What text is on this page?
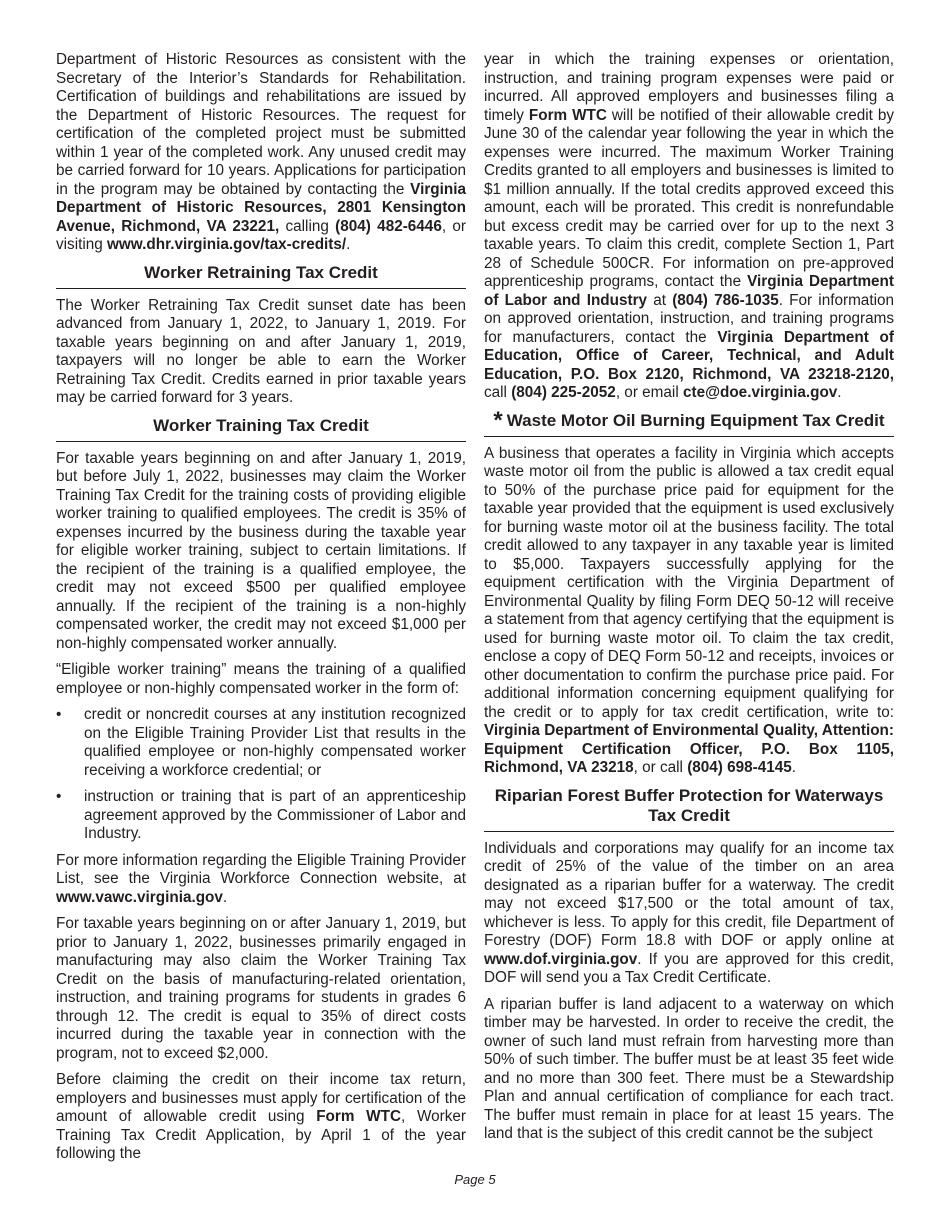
Department of Historic Resources as consistent with the Secretary of the Interior’s Standards for Rehabilitation. Certification of buildings and rehabilitations are issued by the Department of Historic Resources. The request for certification of the completed project must be submitted within 1 year of the completed work. Any unused credit may be carried forward for 10 years. Applications for participation in the program may be obtained by contacting the Virginia Department of Historic Resources, 2801 Kensington Avenue, Richmond, VA 23221, calling (804) 482-6446, or visiting www.dhr.virginia.gov/tax-credits/.

Worker Retraining Tax Credit

The Worker Retraining Tax Credit sunset date has been advanced from January 1, 2022, to January 1, 2019. For taxable years beginning on and after January 1, 2019, taxpayers will no longer be able to earn the Worker Retraining Tax Credit. Credits earned in prior taxable years may be carried forward for 3 years.

Worker Training Tax Credit

For taxable years beginning on and after January 1, 2019, but before July 1, 2022, businesses may claim the Worker Training Tax Credit for the training costs of providing eligible worker training to qualified employees. The credit is 35% of expenses incurred by the business during the taxable year for eligible worker training, subject to certain limitations. If the recipient of the training is a qualified employee, the credit may not exceed $500 per qualified employee annually. If the recipient of the training is a non-highly compensated worker, the credit may not exceed $1,000 per non-highly compensated worker annually.

“Eligible worker training” means the training of a qualified employee or non-highly compensated worker in the form of:

• credit or noncredit courses at any institution recognized on the Eligible Training Provider List that results in the qualified employee or non-highly compensated worker receiving a workforce credential; or
• instruction or training that is part of an apprenticeship agreement approved by the Commissioner of Labor and Industry.

For more information regarding the Eligible Training Provider List, see the Virginia Workforce Connection website, at www.vawc.virginia.gov.

For taxable years beginning on or after January 1, 2019, but prior to January 1, 2022, businesses primarily engaged in manufacturing may also claim the Worker Training Tax Credit on the basis of manufacturing-related orientation, instruction, and training programs for students in grades 6 through 12. The credit is equal to 35% of direct costs incurred during the taxable year in connection with the program, not to exceed $2,000.

Before claiming the credit on their income tax return, employers and businesses must apply for certification of the amount of allowable credit using Form WTC, Worker Training Tax Credit Application, by April 1 of the year following the

year in which the training expenses or orientation, instruction, and training program expenses were paid or incurred. All approved employers and businesses filing a timely Form WTC will be notified of their allowable credit by June 30 of the calendar year following the year in which the expenses were incurred. The maximum Worker Training Credits granted to all employers and businesses is limited to $1 million annually. If the total credits approved exceed this amount, each will be prorated. This credit is nonrefundable but excess credit may be carried over for up to the next 3 taxable years. To claim this credit, complete Section 1, Part 28 of Schedule 500CR. For information on pre-approved apprenticeship programs, contact the Virginia Department of Labor and Industry at (804) 786-1035. For information on approved orientation, instruction, and training programs for manufacturers, contact the Virginia Department of Education, Office of Career, Technical, and Adult Education, P.O. Box 2120, Richmond, VA 23218-2120, call (804) 225-2052, or email cte@doe.virginia.gov.

* Waste Motor Oil Burning Equipment Tax Credit

A business that operates a facility in Virginia which accepts waste motor oil from the public is allowed a tax credit equal to 50% of the purchase price paid for equipment for the taxable year provided that the equipment is used exclusively for burning waste motor oil at the business facility. The total credit allowed to any taxpayer in any taxable year is limited to $5,000. Taxpayers successfully applying for the equipment certification with the Virginia Department of Environmental Quality by filing Form DEQ 50-12 will receive a statement from that agency certifying that the equipment is used for burning waste motor oil. To claim the tax credit, enclose a copy of DEQ Form 50-12 and receipts, invoices or other documentation to confirm the purchase price paid. For additional information concerning equipment qualifying for the credit or to apply for tax credit certification, write to: Virginia Department of Environmental Quality, Attention: Equipment Certification Officer, P.O. Box 1105, Richmond, VA 23218, or call (804) 698-4145.

Riparian Forest Buffer Protection for Waterways Tax Credit

Individuals and corporations may qualify for an income tax credit of 25% of the value of the timber on an area designated as a riparian buffer for a waterway. The credit may not exceed $17,500 or the total amount of tax, whichever is less. To apply for this credit, file Department of Forestry (DOF) Form 18.8 with DOF or apply online at www.dof.virginia.gov. If you are approved for this credit, DOF will send you a Tax Credit Certificate.

A riparian buffer is land adjacent to a waterway on which timber may be harvested. In order to receive the credit, the owner of such land must refrain from harvesting more than 50% of such timber. The buffer must be at least 35 feet wide and no more than 300 feet. There must be a Stewardship Plan and annual certification of compliance for each tract. The buffer must remain in place for at least 15 years. The land that is the subject of this credit cannot be the subject

Page 5
